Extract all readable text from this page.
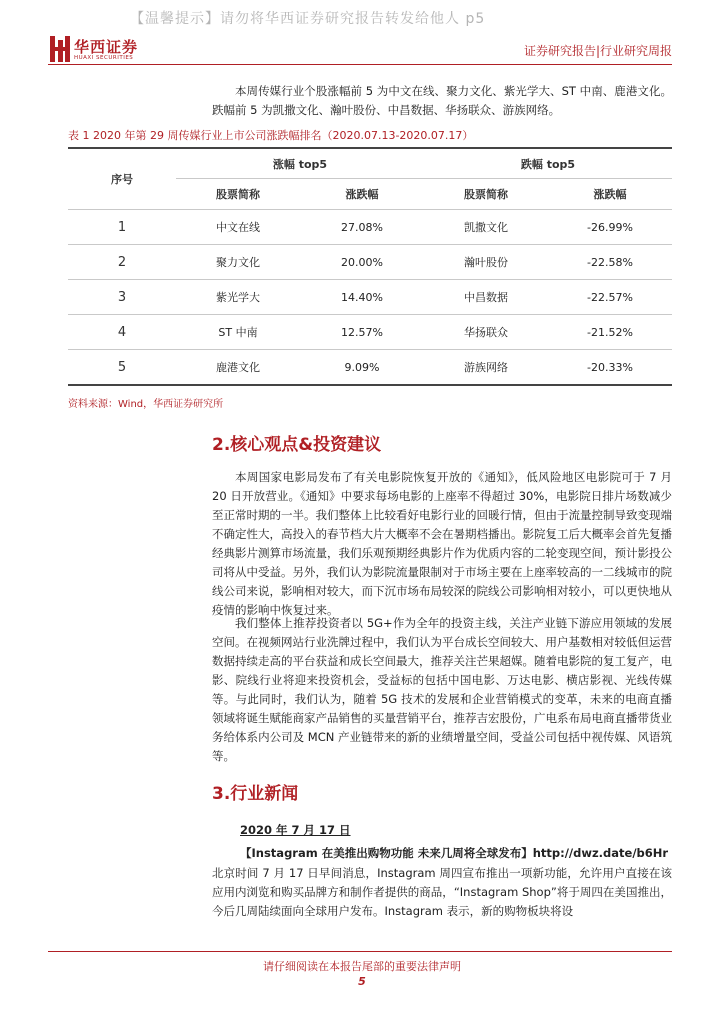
【温馨提示】请勿将华西证券研究报告转发给他人 p5
华西证券
HUAXI SECURITIES	证券研究报告|行业研究周报
本周传媒行业个股涨幅前 5 为中文在线、聚力文化、紫光学大、ST 中南、鹿港文化。跌幅前 5 为凯撒文化、瀚叶股份、中昌数据、华扬联众、游族网络。
表 1 2020 年第 29 周传媒行业上市公司涨跌幅排名（2020.07.13-2020.07.17）
序号	涨幅 top5		跌幅 top5	
	股票简称	涨跌幅	股票简称	涨跌幅
1	中文在线	27.08%	凯撒文化	-26.99%
2	聚力文化	20.00%	瀚叶股份	-22.58%
3	紫光学大	14.40%	中昌数据	-22.57%
4	ST 中南	12.57%	华扬联众	-21.52%
5	鹿港文化	9.09%	游族网络	-20.33%
资料来源：Wind，华西证券研究所
2.核心观点&投资建议
本周国家电影局发布了有关电影院恢复开放的《通知》，低风险地区电影院可于 7 月 20 日开放营业。《通知》中要求每场电影的上座率不得超过 30%，电影院日排片场数减少至正常时期的一半。我们整体上比较看好电影行业的回暖行情，但由于流量控制导致变现端不确定性大，高投入的春节档大片大概率不会在暑期档播出。影院复工后大概率会首先复播经典影片测算市场流量，我们乐观预期经典影片作为优质内容的二轮变现空间，预计影投公司将从中受益。另外，我们认为影院流量限制对于市场主要在上座率较高的一二线城市的院线公司来说，影响相对较大，而下沉市场布局较深的院线公司影响相对较小，可以更快地从疫情的影响中恢复过来。
我们整体上推荐投资者以 5G+作为全年的投资主线，关注产业链下游应用领域的发展空间。在视频网站行业洗牌过程中，我们认为平台成长空间较大、用户基数相对较低但运营数据持续走高的平台获益和成长空间最大，推荐关注芒果超媒。随着电影院的复工复产，电影、院线行业将迎来投资机会，受益标的包括中国电影、万达电影、横店影视、光线传媒等。与此同时，我们认为，随着 5G 技术的发展和企业营销模式的变革，未来的电商直播领域将诞生赋能商家产品销售的买量营销平台，推荐吉宏股份，广电系布局电商直播带货业务给体系内公司及 MCN 产业链带来的新的业绩增量空间，受益公司包括中视传媒、风语筑等。
3.行业新闻
2020 年 7 月 17 日
【Instagram 在美推出购物功能 未来几周将全球发布】http://dwz.date/b6Hr
北京时间 7 月 17 日早间消息，Instagram 周四宣布推出一项新功能，允许用户直接在该应用内浏览和购买品牌方和制作者提供的商品，“Instagram Shop”将于周四在美国推出，今后几周陆续面向全球用户发布。Instagram 表示，新的购物板块将设
请仔细阅读在本报告尾部的重要法律声明
5
